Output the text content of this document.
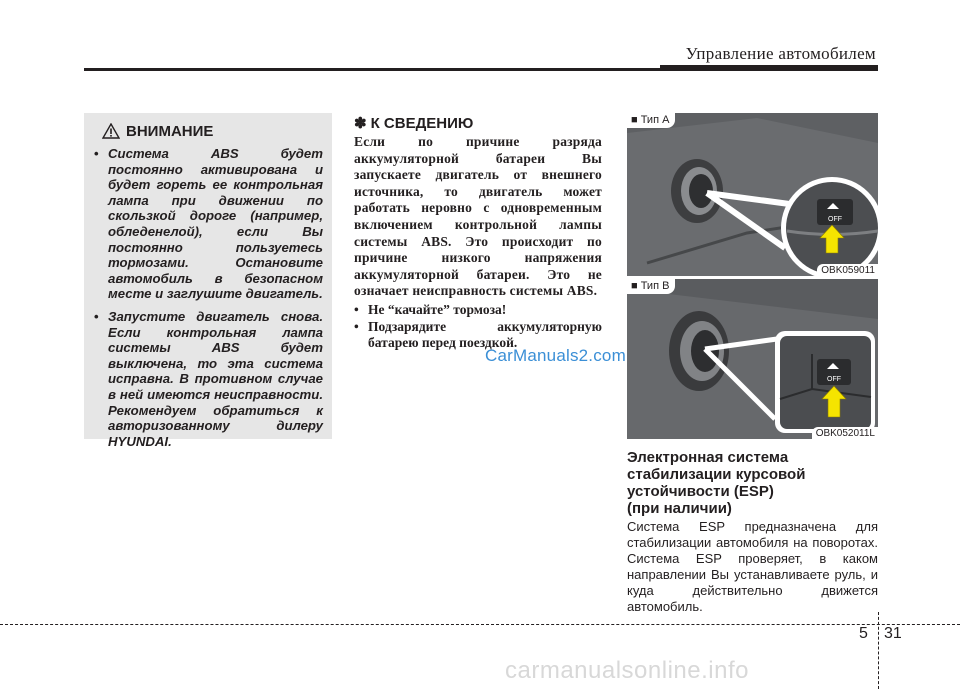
Управление автомобилем
ВНИМАНИЕ
• Система ABS будет постоянно активирована и будет гореть ее контрольная лампа при движении по скользкой дороге (например, обледенелой), если Вы постоянно пользуетесь тормозами. Остановите автомобиль в безопасном месте и заглушите двигатель.
• Запустите двигатель снова. Если контрольная лампа системы ABS будет выключена, то эта система исправна. В противном случае в ней имеются неисправности. Рекомендуем обратиться к авторизованному дилеру HYUNDAI.
✽ К СВЕДЕНИЮ
Если по причине разряда аккумуляторной батареи Вы запускаете двигатель от внешнего источника, то двигатель может работать неровно с одновременным включением контрольной лампы системы ABS. Это происходит по причине низкого напряжения аккумуляторной батареи. Это не означает неисправность системы ABS.
• Не “качайте” тормоза!
• Подзарядите аккумуляторную батарею перед поездкой.
CarManuals2.com
OFF
■ Тип A
OBK059011
OFF
■ Тип B
OBK052011L
Электронная система
стабилизации курсовой
устойчивости (ESP)
(при наличии)
Система ESP предназначена для стабилизации автомобиля на поворотах. Система ESP проверяет, в каком направлении Вы устанавливаете руль, и куда действительно движется автомобиль.
5 31
carmanualsonline.info
